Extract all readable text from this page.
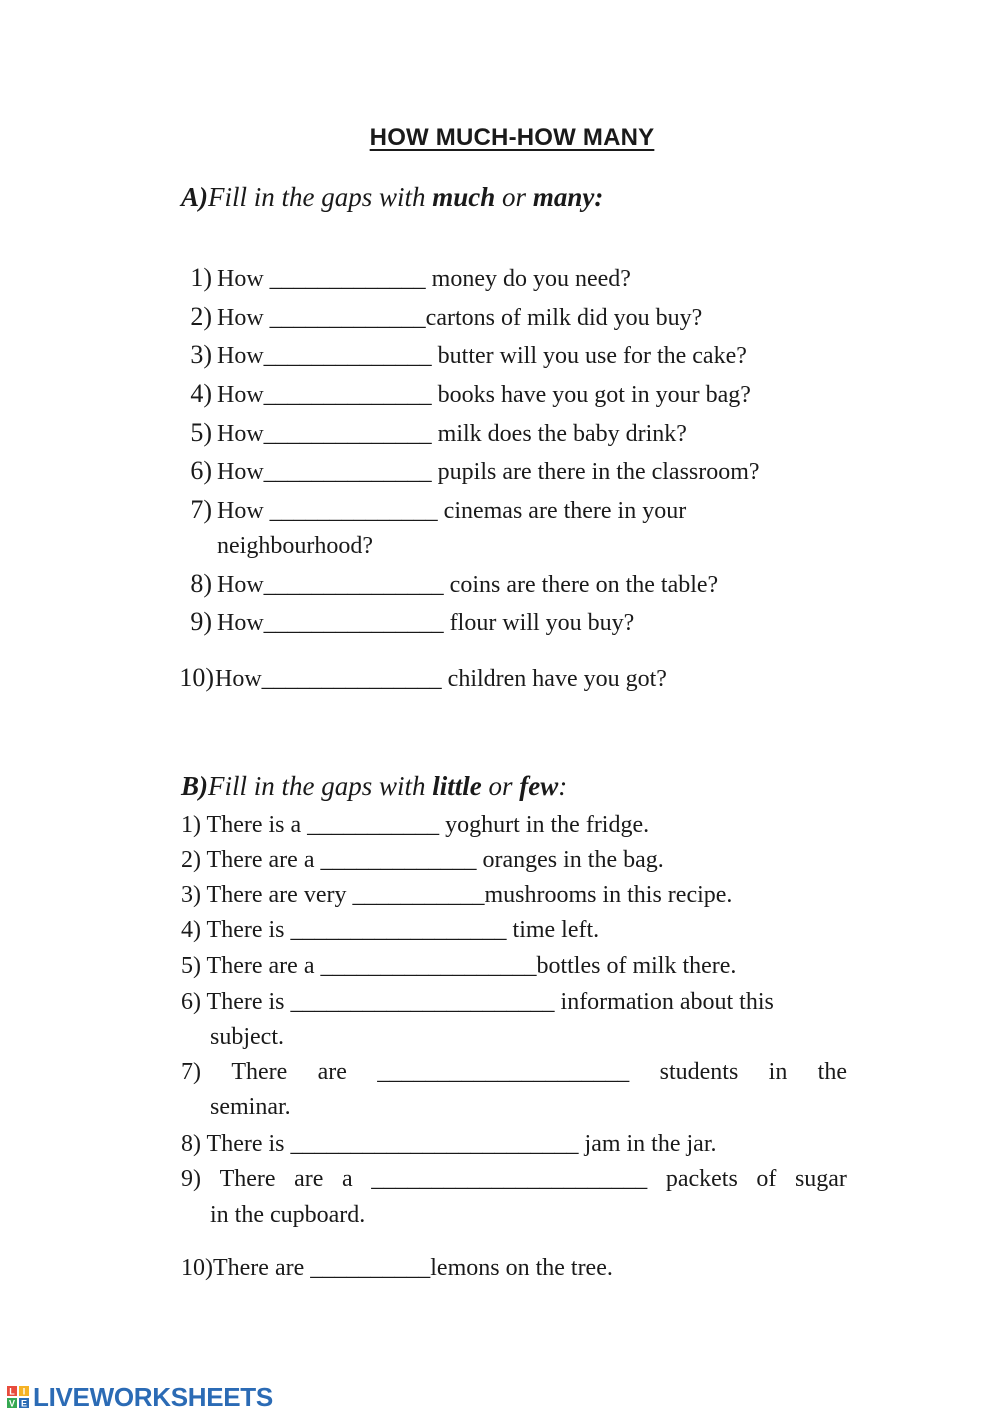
HOW MUCH-HOW MANY
A)Fill in the gaps with much or many:
1) How _____________ money do you need?
2) How _____________cartons of milk did you buy?
3) How______________ butter will you use for the cake?
4) How______________ books have you got in your bag?
5) How______________ milk does the baby drink?
6) How______________ pupils are there in the classroom?
7) How ______________ cinemas are there in your
neighbourhood?
8) How_______________ coins are there on the table?
9) How_______________ flour will you buy?
10) How_______________ children have you got?
B)Fill in the gaps with little or few:
1) There is a ___________ yoghurt in the fridge.
2) There are a _____________ oranges in the bag.
3) There are very ___________mushrooms in this recipe.
4) There is __________________ time left.
5) There are a __________________bottles of milk there.
6) There is ______________________ information about this
subject.
7) There are _____________________ students in the
seminar.
8) There is ________________________ jam in the jar.
9) There are a _______________________ packets of sugar
in the cupboard.
10)There are __________lemons on the tree.
L I
V E LIVEWORKSHEETS
